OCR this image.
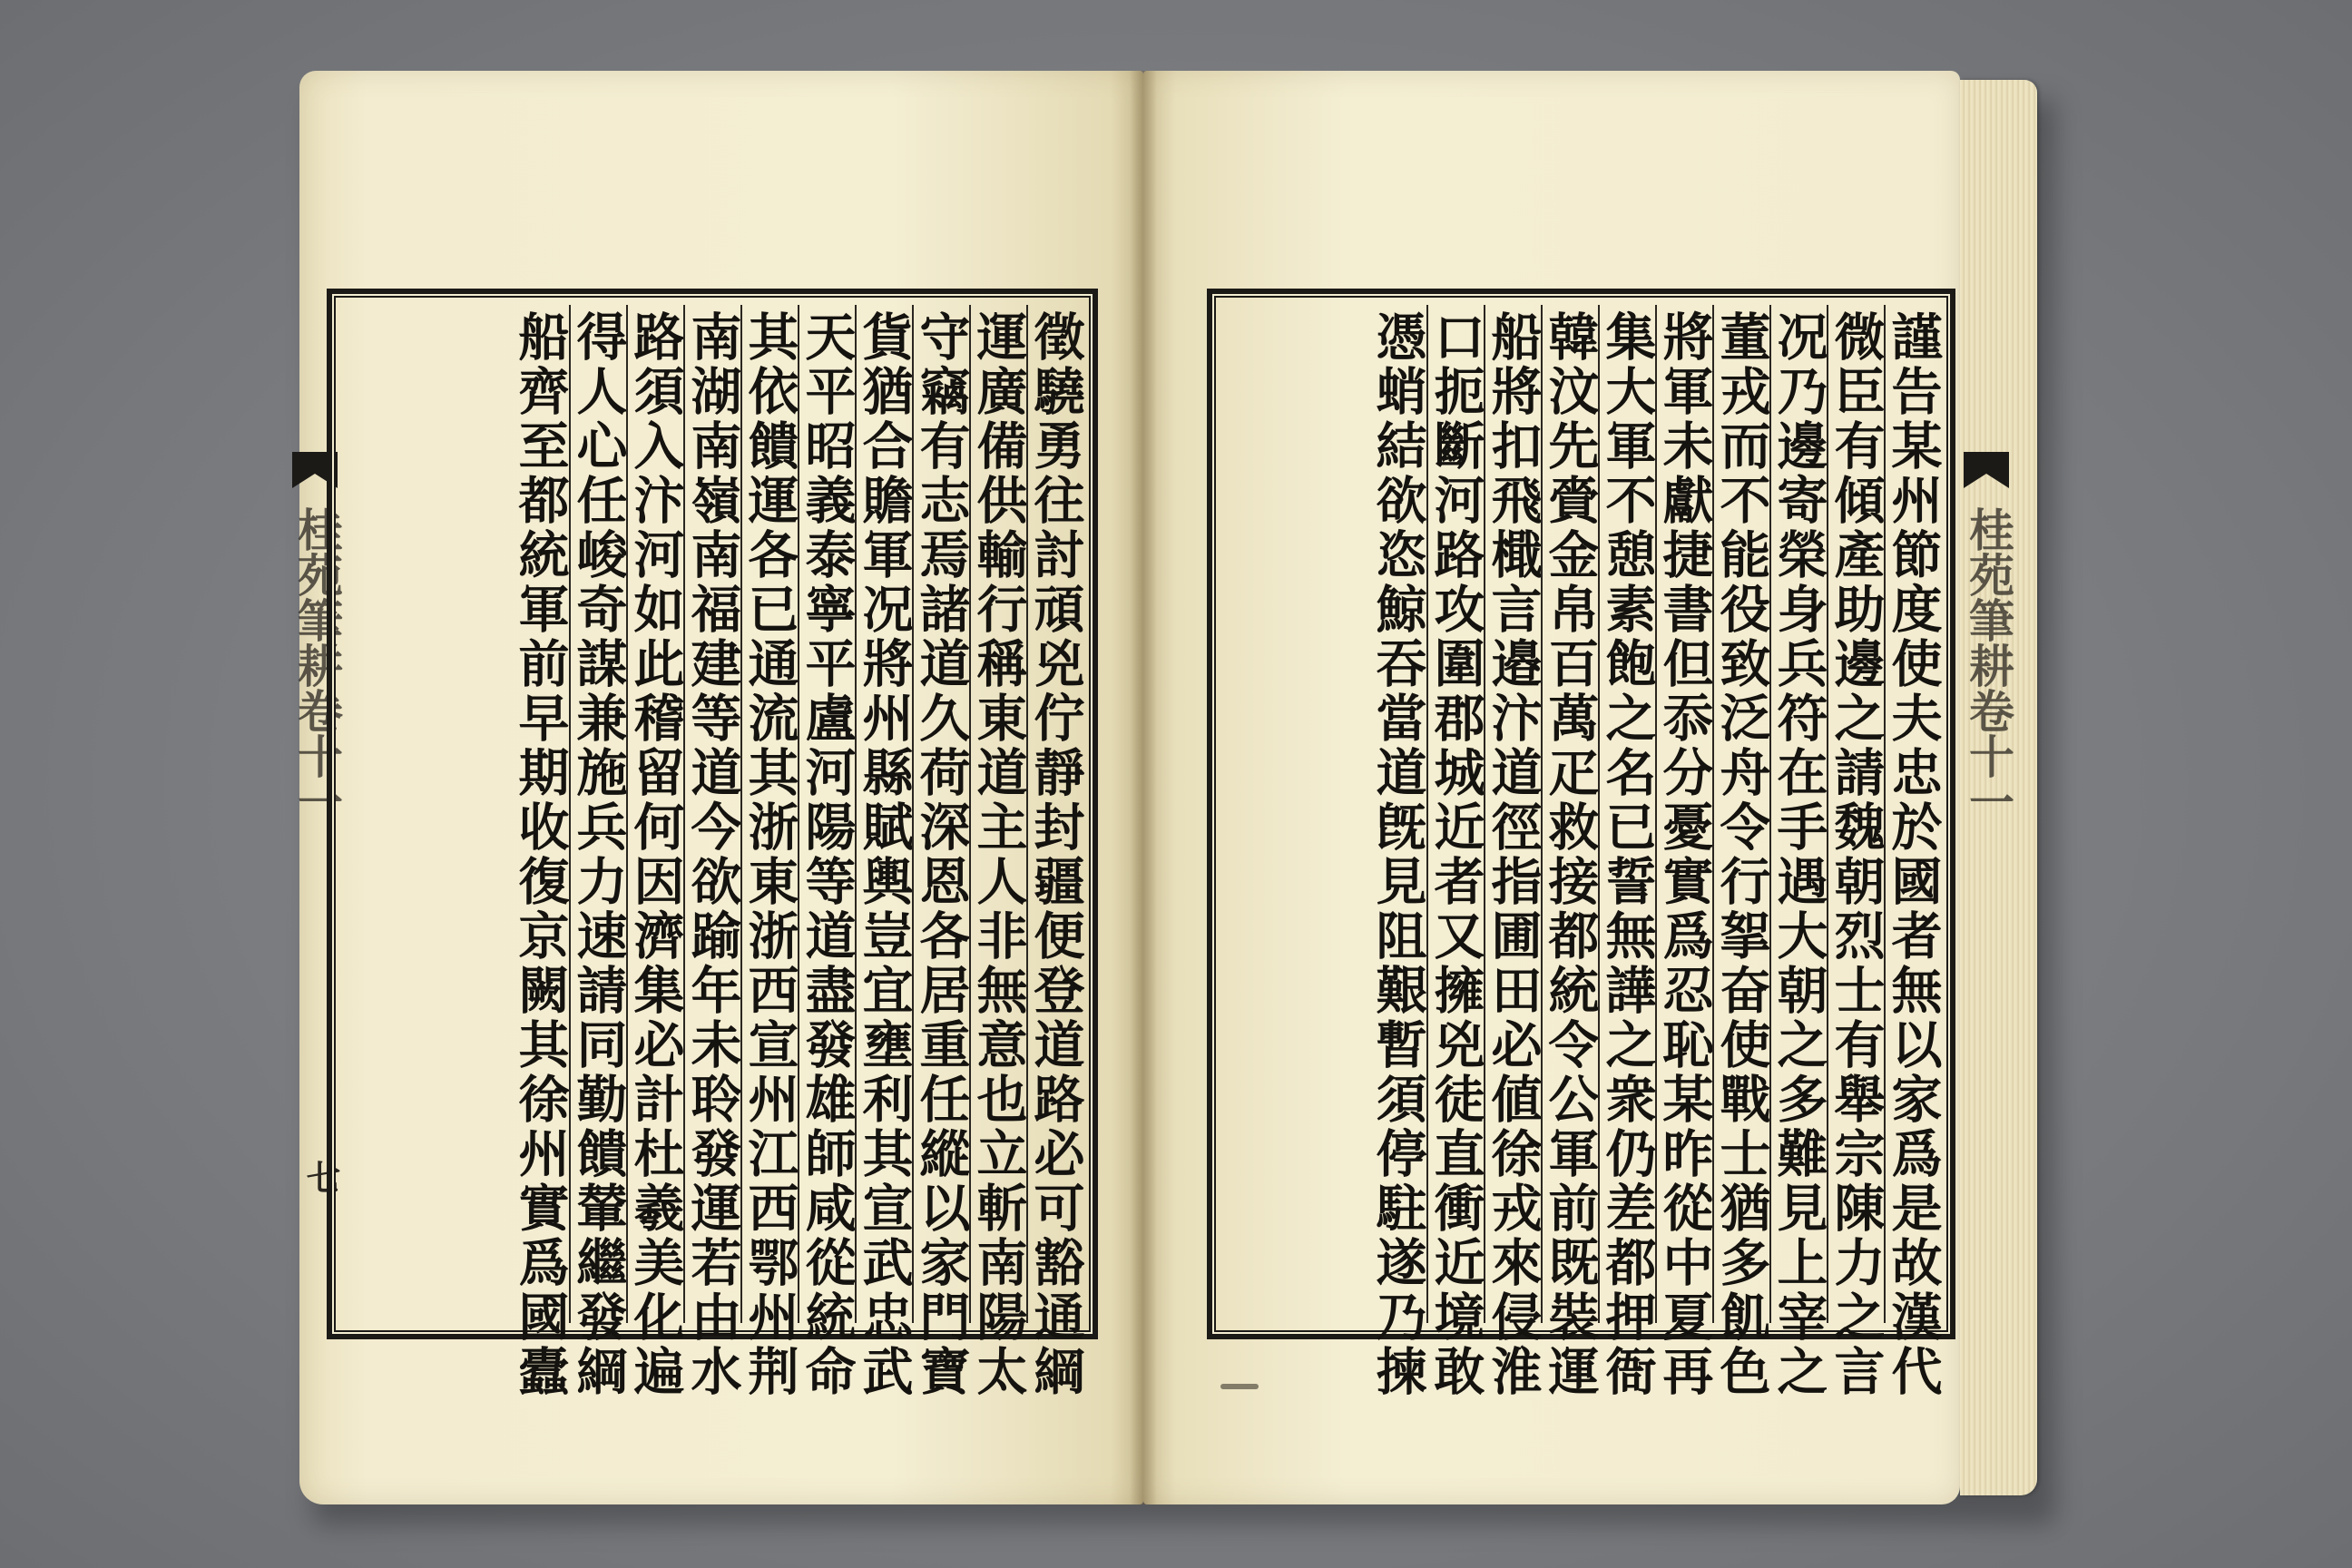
桂苑筆耕卷十一
七	徵驍勇往討頑兇佇靜封疆便登道路必可豁通綱
運廣備供輸行稱東道主人非無意也立斬南陽太
守竊有志焉諸道久荷深恩各居重任縱以家門寶
貨猶合贍軍况將州縣賦輿豈宜壅利其宣武忠武
天平昭義泰寧平盧河陽等道盡發雄師咸從統命
其依饋運各已通流其浙東浙西宣州江西鄂州荆
南湖南嶺南福建等道今欲踰年未聆發運若由水
路須入汴河如此稽留何因濟集必計杜羲美化遍
得人心任峻奇謀兼施兵力速請同勤饋輦繼發綱
船齊至都統軍前早期收復京闕其徐州實爲國蠹	謹告某州節度使夫忠於國者無以家爲是故漢代
微臣有傾產助邊之請魏朝烈士有舉宗陳力之言
况乃邊寄榮身兵符在手遇大朝之多難見上宰之
董戎而不能役致泛舟令行挐奋使戰士猶多飢色
將軍未獻捷書但忝分憂實爲忍恥某昨從中夏再
集大軍不憩素飽之名已誓無譁之衆仍差都押衙
韓汶先賫金帛百萬疋救接都統令公軍前既裝運
船將扣飛檝言邉汴道徑指圃田必値徐戎來侵淮
口扼斷河路攻圍郡城近者又擁兇徒直衝近境敢
憑蛸結欲恣鯨吞當道旣見阻艱暫須停駐遂乃揀	桂苑筆耕卷十一
